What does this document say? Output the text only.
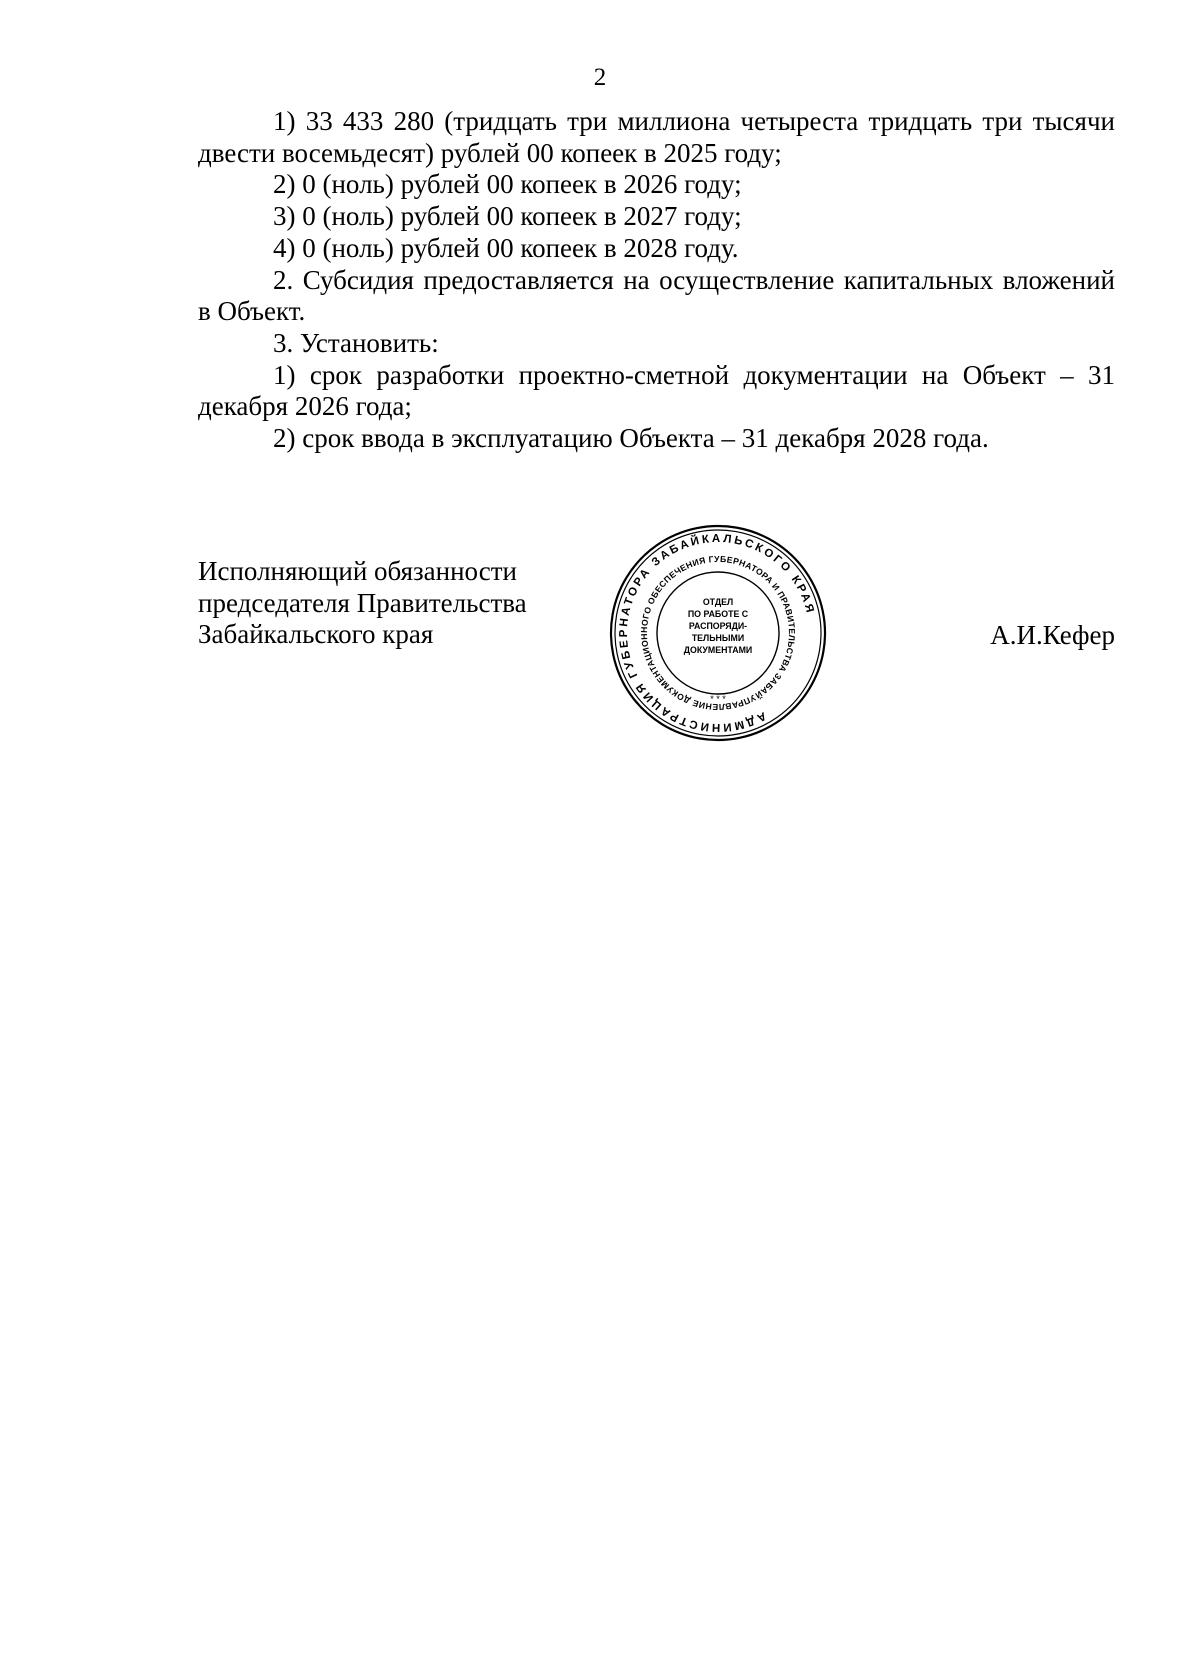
2

1) 33 433 280 (тридцать три миллиона четыреста тридцать три тысячи двести восемьдесят) рублей 00 копеек в 2025 году;

2) 0 (ноль) рублей 00 копеек в 2026 году;

3) 0 (ноль) рублей 00 копеек в 2027 году;

4) 0 (ноль) рублей 00 копеек в 2028 году.

2. Субсидия предоставляется на осуществление капитальных вложений в Объект.

3. Установить:

1) срок разработки проектно-сметной документации на Объект – 31 декабря 2026 года;

2) срок ввода в эксплуатацию Объекта – 31 декабря 2028 года.

Исполняющий обязанности
председателя Правительства
Забайкальского края	А.И.Кефер
АДМИНИСТРАЦИЯ ГУБЕРНАТОРА ЗАБАЙКАЛЬСКОГО КРАЯ
УПРАВЛЕНИЕ ДОКУМЕНТАЦИОННОГО ОБЕСПЕЧЕНИЯ ГУБЕРНАТОРА И ПРАВИТЕЛЬСТВА ЗАБАЙКАЛЬСКОГО
ОТДЕЛ
ПО РАБОТЕ С
РАСПОРЯДИ-
ТЕЛЬНЫМИ
ДОКУМЕНТАМИ
* * *
